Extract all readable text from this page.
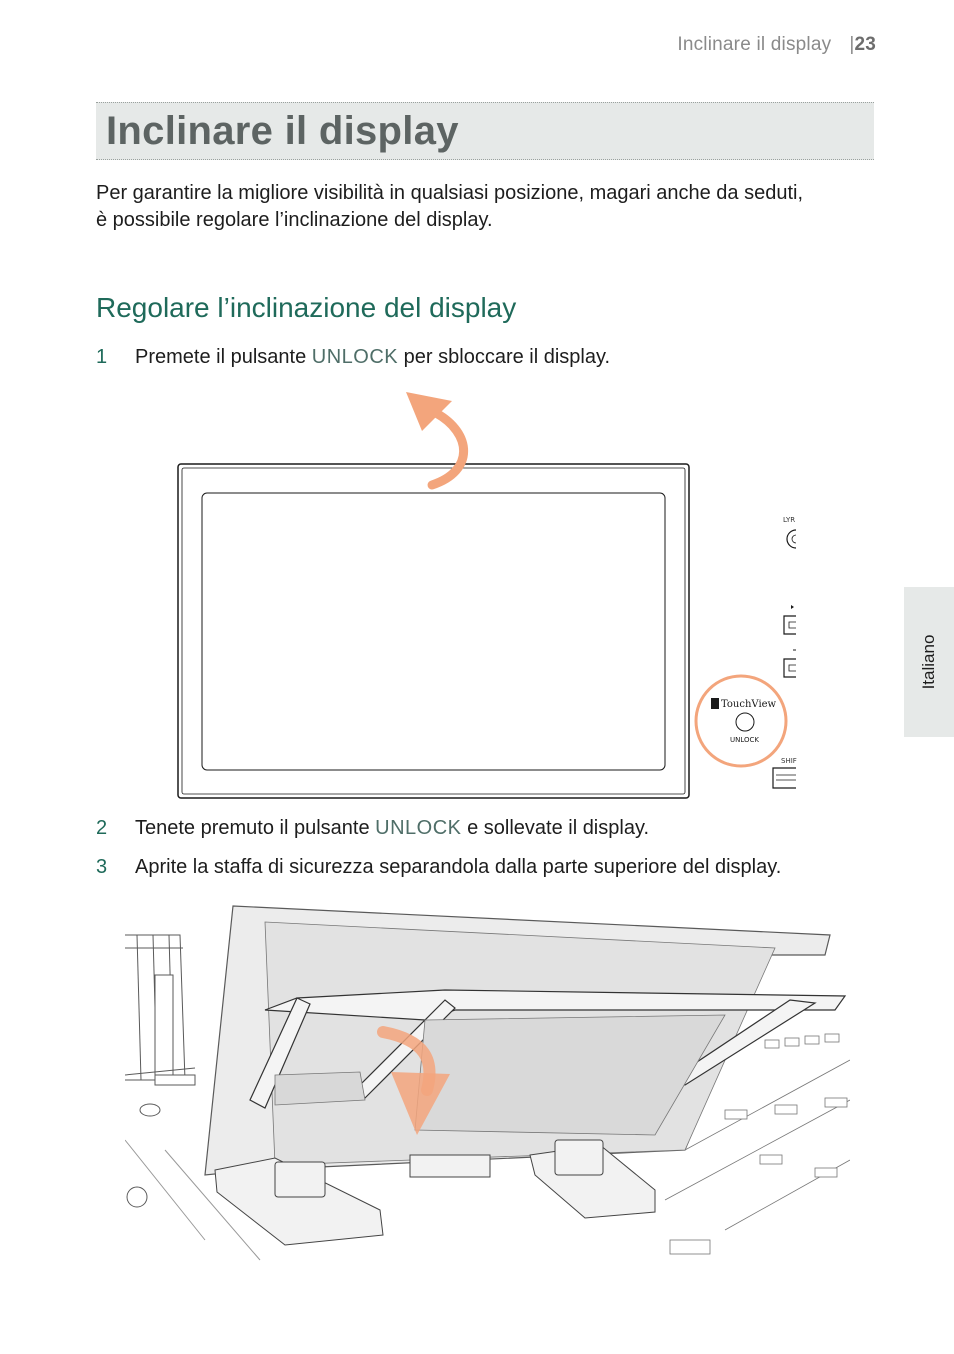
Inclinare il display |23
Inclinare il display

Per garantire la migliore visibilità in qualsiasi posizione, magari anche da seduti,

è possibile regolare l’inclinazione del display.

Regolare l’inclinazione del display
1 Premete il pulsante UNLOCK per sbloccare il display.
LYR
SHIF
TouchView
UNLOCK
2 Tenete premuto il pulsante UNLOCK e sollevate il display.
3 Aprite la staffa di sicurezza separandola dalla parte superiore del display.
Italiano
